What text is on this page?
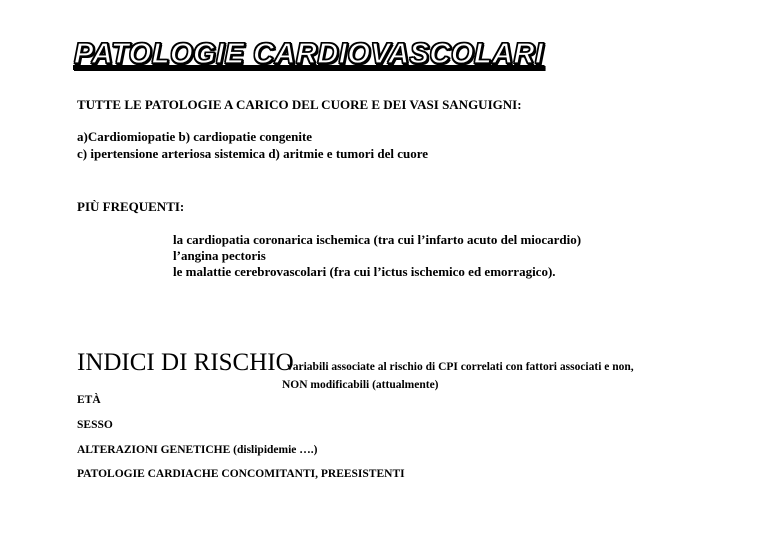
PATOLOGIE CARDIOVASCOLARI
TUTTE LE PATOLOGIE A CARICO DEL CUORE E DEI VASI SANGUIGNI:
a)Cardiomiopatie b) cardiopatie congenite
c) ipertensione arteriosa sistemica d) aritmie e tumori del cuore
PIÙ FREQUENTI:
la cardiopatia coronarica ischemica (tra cui l’infarto acuto del miocardio)
l’angina pectoris
le malattie cerebrovascolari (fra cui l’ictus ischemico ed emorragico).
INDICI DI RISCHIO
variabili associate al rischio di CPI correlati con fattori associati e non,
NON modificabili (attualmente)
ETÀ
SESSO
ALTERAZIONI GENETICHE (dislipidemie ….)
PATOLOGIE CARDIACHE CONCOMITANTI, PREESISTENTI
